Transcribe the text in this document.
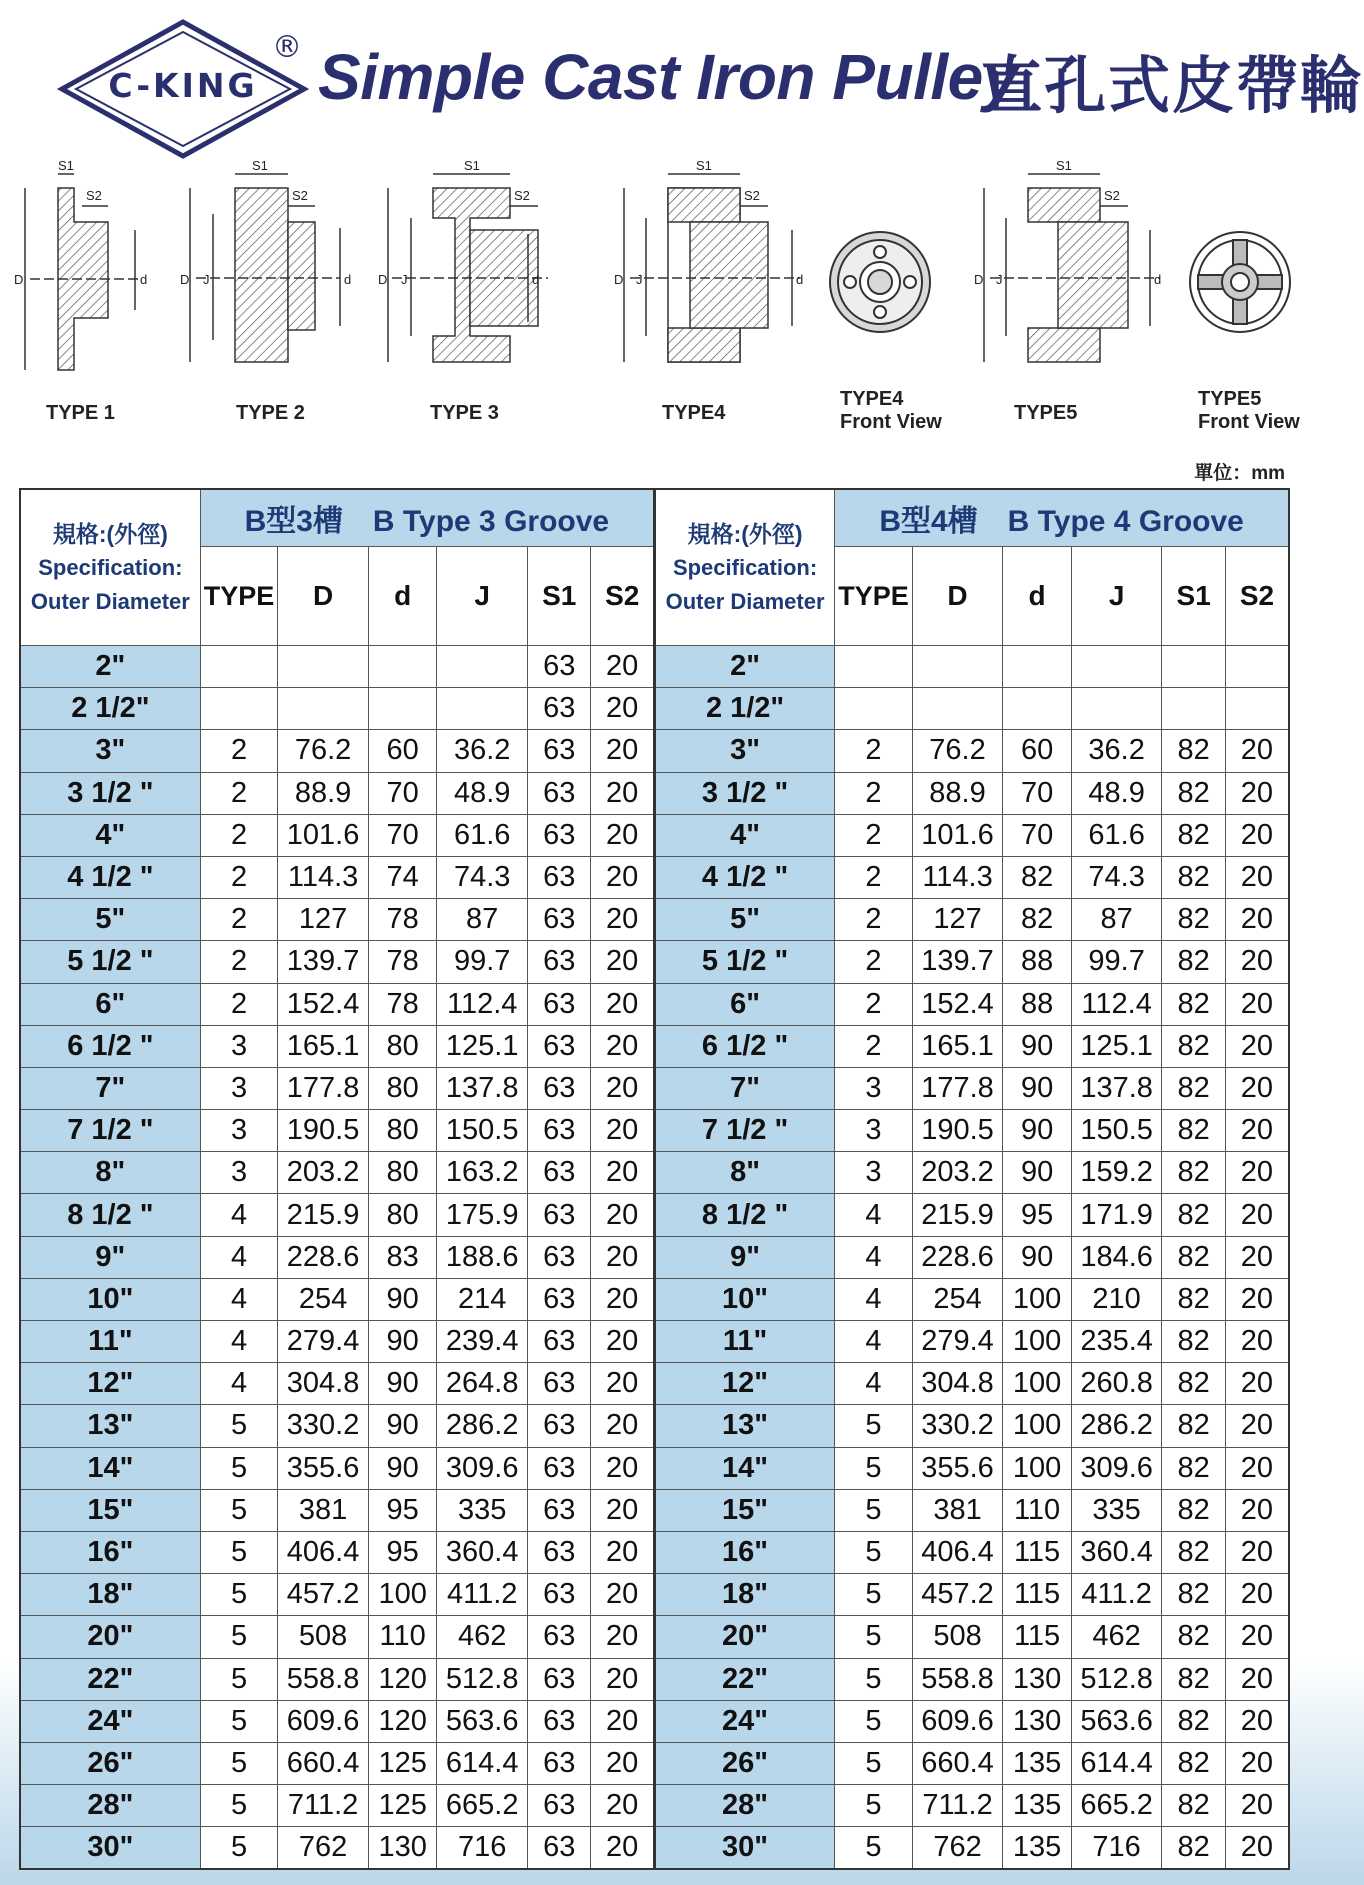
C-KING
® Simple Cast Iron Pulley
直孔式皮帶輪
S1
S2
D	d
S1
S2
D J	d
S1
S2
D J	d
S1
S2
D J	d
S1
S2
D J	d
TYPE 1	TYPE 2	TYPE 3	TYPE4
TYPE4
Front View	TYPE5
TYPE5
Front View
單位：mm
規格:(外徑)
Specification:
Outer Diameter	B型3槽　B Type 3 Groove						規格:(外徑)
Specification:
Outer Diameter	B型4槽　B Type 4 Groove					
	TYPE	D	d	J	S1	S2		TYPE	D	d	J	S1	S2
2"					63	20	2"						
2 1/2"					63	20	2 1/2"						
3"	2	76.2	60	36.2	63	20	3"	2	76.2	60	36.2	82	20
3 1/2 "	2	88.9	70	48.9	63	20	3 1/2 "	2	88.9	70	48.9	82	20
4"	2	101.6	70	61.6	63	20	4"	2	101.6	70	61.6	82	20
4 1/2 "	2	114.3	74	74.3	63	20	4 1/2 "	2	114.3	82	74.3	82	20
5"	2	127	78	87	63	20	5"	2	127	82	87	82	20
5 1/2 "	2	139.7	78	99.7	63	20	5 1/2 "	2	139.7	88	99.7	82	20
6"	2	152.4	78	112.4	63	20	6"	2	152.4	88	112.4	82	20
6 1/2 "	3	165.1	80	125.1	63	20	6 1/2 "	2	165.1	90	125.1	82	20
7"	3	177.8	80	137.8	63	20	7"	3	177.8	90	137.8	82	20
7 1/2 "	3	190.5	80	150.5	63	20	7 1/2 "	3	190.5	90	150.5	82	20
8"	3	203.2	80	163.2	63	20	8"	3	203.2	90	159.2	82	20
8 1/2 "	4	215.9	80	175.9	63	20	8 1/2 "	4	215.9	95	171.9	82	20
9"	4	228.6	83	188.6	63	20	9"	4	228.6	90	184.6	82	20
10"	4	254	90	214	63	20	10"	4	254	100	210	82	20
11"	4	279.4	90	239.4	63	20	11"	4	279.4	100	235.4	82	20
12"	4	304.8	90	264.8	63	20	12"	4	304.8	100	260.8	82	20
13"	5	330.2	90	286.2	63	20	13"	5	330.2	100	286.2	82	20
14"	5	355.6	90	309.6	63	20	14"	5	355.6	100	309.6	82	20
15"	5	381	95	335	63	20	15"	5	381	110	335	82	20
16"	5	406.4	95	360.4	63	20	16"	5	406.4	115	360.4	82	20
18"	5	457.2	100	411.2	63	20	18"	5	457.2	115	411.2	82	20
20"	5	508	110	462	63	20	20"	5	508	115	462	82	20
22"	5	558.8	120	512.8	63	20	22"	5	558.8	130	512.8	82	20
24"	5	609.6	120	563.6	63	20	24"	5	609.6	130	563.6	82	20
26"	5	660.4	125	614.4	63	20	26"	5	660.4	135	614.4	82	20
28"	5	711.2	125	665.2	63	20	28"	5	711.2	135	665.2	82	20
30"	5	762	130	716	63	20	30"	5	762	135	716	82	20
